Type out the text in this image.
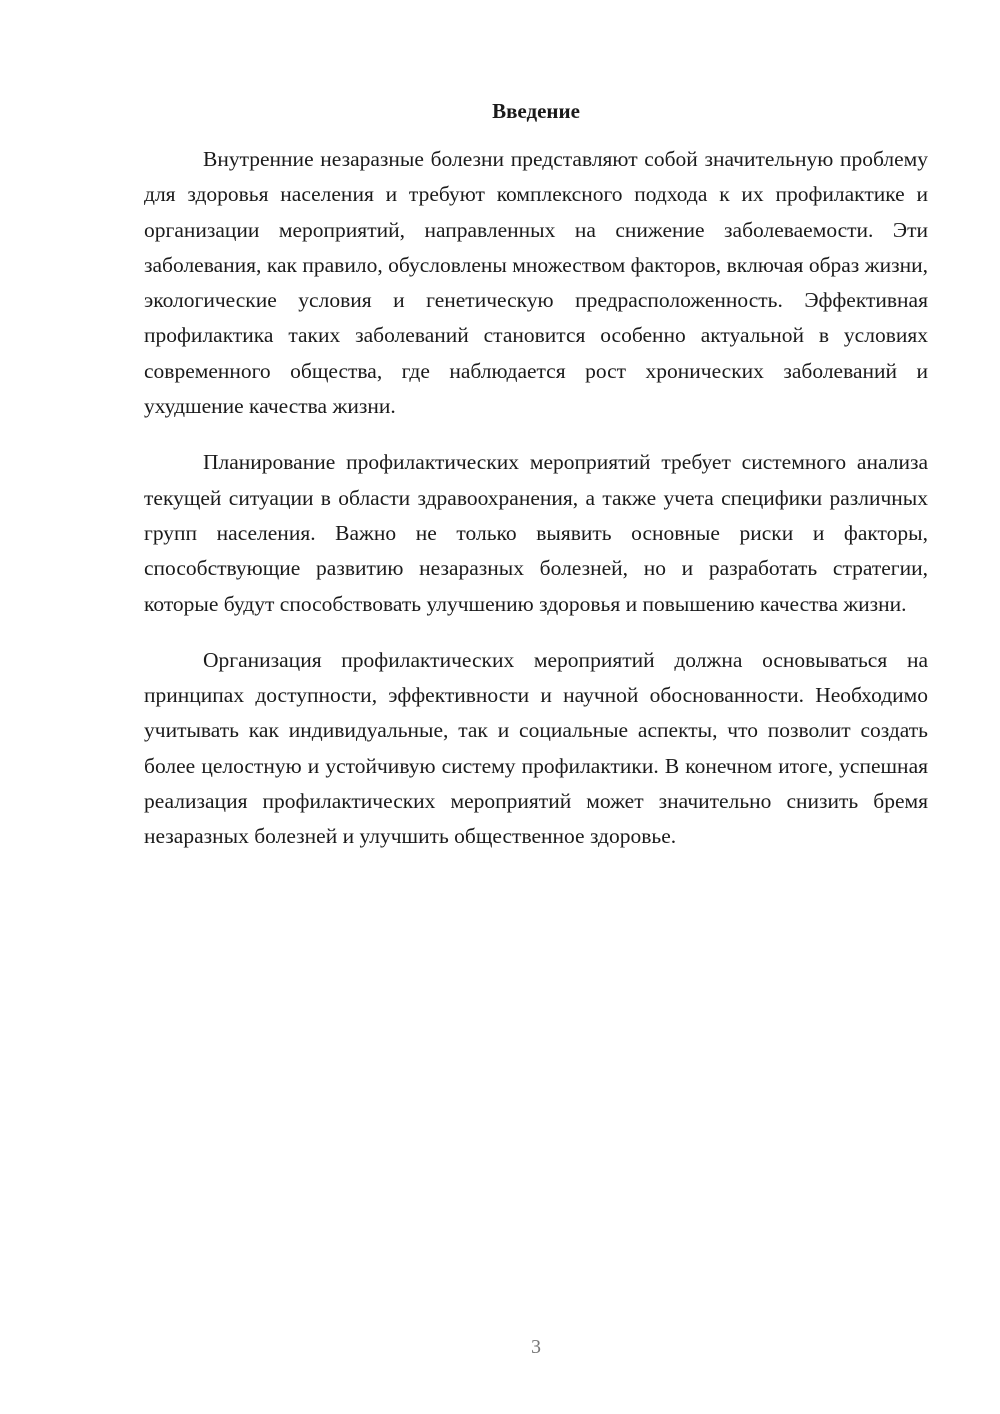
Введение

Внутренние незаразные болезни представляют собой значительную проблему для здоровья населения и требуют комплексного подхода к их профилактике и организации мероприятий, направленных на снижение заболеваемости. Эти заболевания, как правило, обусловлены множеством факторов, включая образ жизни, экологические условия и генетическую предрасположенность. Эффективная профилактика таких заболеваний становится особенно актуальной в условиях современного общества, где наблюдается рост хронических заболеваний и ухудшение качества жизни.

Планирование профилактических мероприятий требует системного анализа текущей ситуации в области здравоохранения, а также учета специфики различных групп населения. Важно не только выявить основные риски и факторы, способствующие развитию незаразных болезней, но и разработать стратегии, которые будут способствовать улучшению здоровья и повышению качества жизни.

Организация профилактических мероприятий должна основываться на принципах доступности, эффективности и научной обоснованности. Необходимо учитывать как индивидуальные, так и социальные аспекты, что позволит создать более целостную и устойчивую систему профилактики. В конечном итоге, успешная реализация профилактических мероприятий может значительно снизить бремя незаразных болезней и улучшить общественное здоровье.

3
